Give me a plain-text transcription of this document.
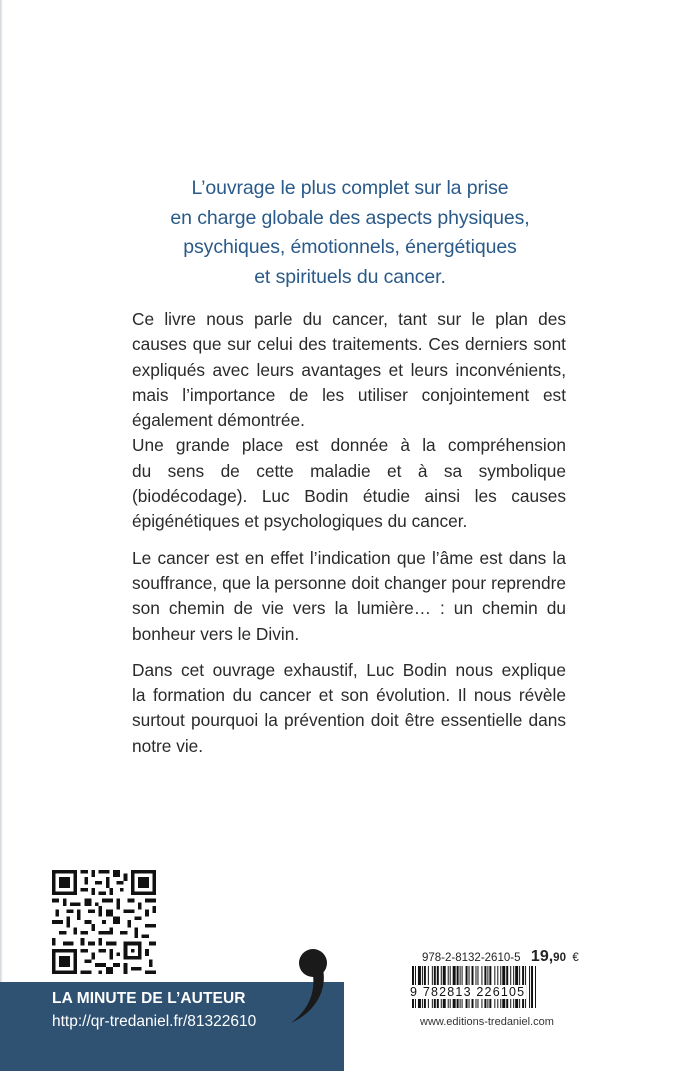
L’ouvrage le plus complet sur la prise
en charge globale des aspects physiques,
psychiques, émotionnels, énergétiques
et spirituels du cancer.
Ce livre nous parle du cancer, tant sur le plan des
causes que sur celui des traitements. Ces derniers sont
expliqués avec leurs avantages et leurs inconvénients,
mais l’importance de les utiliser conjointement est
également démontrée.
Une grande place est donnée à la compréhension
du sens de cette maladie et à sa symbolique
(biodécodage). Luc Bodin étudie ainsi les causes
épigénétiques et psychologiques du cancer.
Le cancer est en effet l’indication que l’âme est dans la
souffrance, que la personne doit changer pour reprendre
son chemin de vie vers la lumière… : un chemin du
bonheur vers le Divin.
Dans cet ouvrage exhaustif, Luc Bodin nous explique
la formation du cancer et son évolution. Il nous révèle
surtout pourquoi la prévention doit être essentielle dans
notre vie.
LA MINUTE DE L’AUTEUR
http://qr-tredaniel.fr/81322610
978-2-8132-2610-5 19,90 €
9 782813 226105
www.editions-tredaniel.com
